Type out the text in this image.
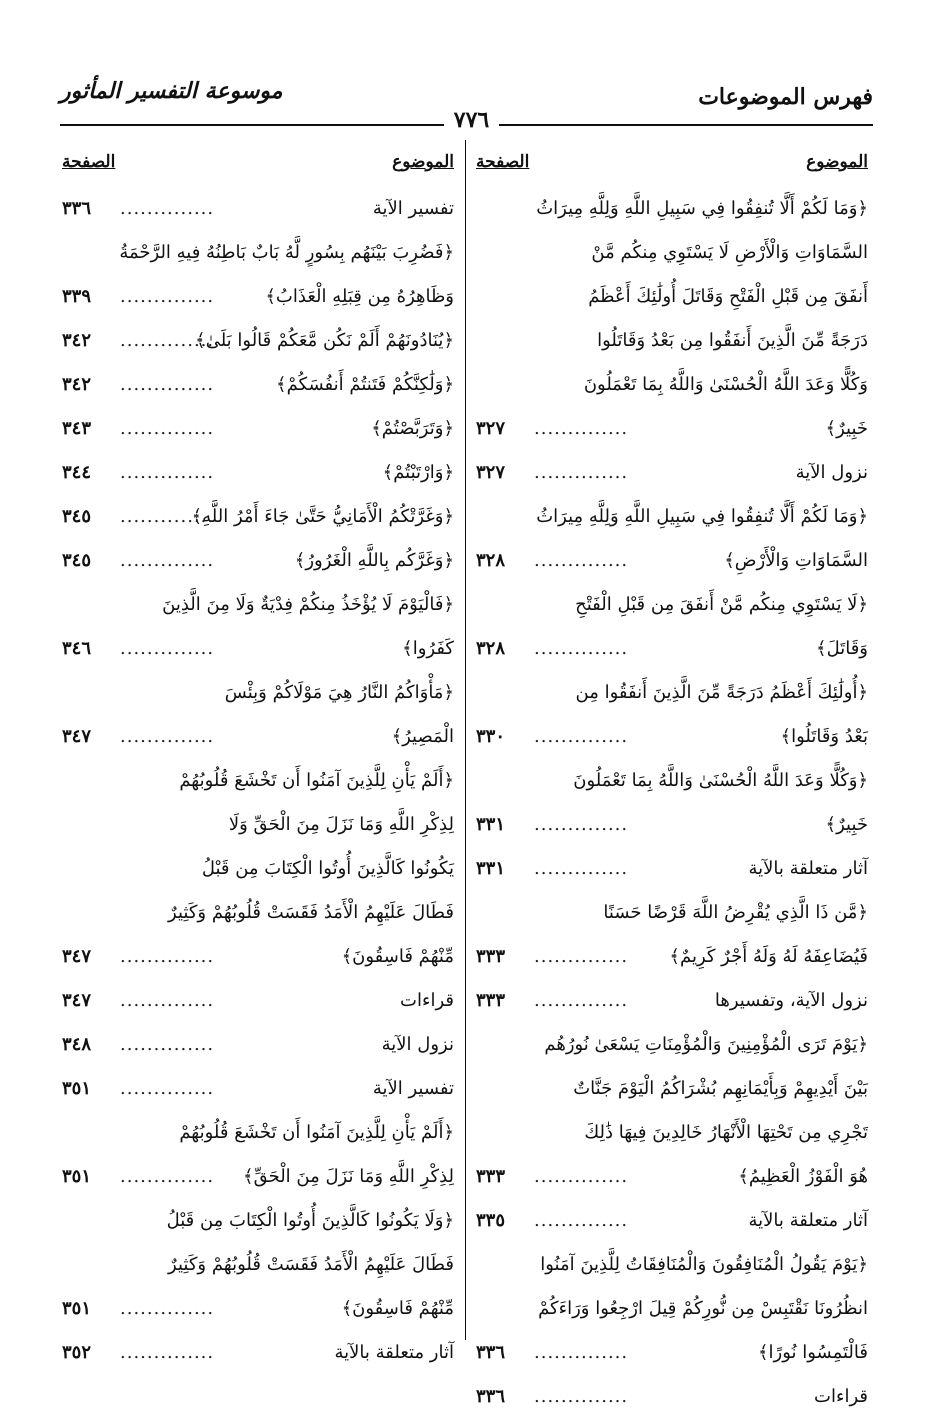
فهرس الموضوعات
موسوعة التفسير المأثور
٧٧٦
الموضوع
الصفحة
﴿وَمَا لَكُمْ أَلَّا تُنفِقُوا فِي سَبِيلِ اللَّهِ وَلِلَّهِ مِيرَاثُ
السَّمَاوَاتِ وَالْأَرْضِ لَا يَسْتَوِي مِنكُم مَّنْ
أَنفَقَ مِن قَبْلِ الْفَتْحِ وَقَاتَلَ أُولَٰئِكَ أَعْظَمُ
دَرَجَةً مِّنَ الَّذِينَ أَنفَقُوا مِن بَعْدُ وَقَاتَلُوا
وَكُلًّا وَعَدَ اللَّهُ الْحُسْنَىٰ وَاللَّهُ بِمَا تَعْمَلُونَ
خَبِيرٌ﴾
..............
٣٢٧
نزول الآية
..............
٣٢٧
﴿وَمَا لَكُمْ أَلَّا تُنفِقُوا فِي سَبِيلِ اللَّهِ وَلِلَّهِ مِيرَاثُ
السَّمَاوَاتِ وَالْأَرْضِ﴾
..............
٣٢٨
﴿لَا يَسْتَوِي مِنكُم مَّنْ أَنفَقَ مِن قَبْلِ الْفَتْحِ
وَقَاتَلَ﴾
..............
٣٢٨
﴿أُولَٰئِكَ أَعْظَمُ دَرَجَةً مِّنَ الَّذِينَ أَنفَقُوا مِن
بَعْدُ وَقَاتَلُوا﴾
..............
٣٣٠
﴿وَكُلًّا وَعَدَ اللَّهُ الْحُسْنَىٰ وَاللَّهُ بِمَا تَعْمَلُونَ
خَبِيرٌ﴾
..............
٣٣١
آثار متعلقة بالآية
..............
٣٣١
﴿مَّن ذَا الَّذِي يُقْرِضُ اللَّهَ قَرْضًا حَسَنًا
فَيُضَاعِفَهُ لَهُ وَلَهُ أَجْرٌ كَرِيمٌ﴾
..............
٣٣٣
نزول الآية، وتفسيرها
..............
٣٣٣
﴿يَوْمَ تَرَى الْمُؤْمِنِينَ وَالْمُؤْمِنَاتِ يَسْعَىٰ نُورُهُم
بَيْنَ أَيْدِيهِمْ وَبِأَيْمَانِهِم بُشْرَاكُمُ الْيَوْمَ جَنَّاتٌ
تَجْرِي مِن تَحْتِهَا الْأَنْهَارُ خَالِدِينَ فِيهَا ذَٰلِكَ
هُوَ الْفَوْزُ الْعَظِيمُ﴾
..............
٣٣٣
آثار متعلقة بالآية
..............
٣٣٥
﴿يَوْمَ يَقُولُ الْمُنَافِقُونَ وَالْمُنَافِقَاتُ لِلَّذِينَ آمَنُوا
انظُرُونَا نَقْتَبِسْ مِن نُّورِكُمْ قِيلَ ارْجِعُوا وَرَاءَكُمْ
فَالْتَمِسُوا نُورًا﴾
..............
٣٣٦
قراءات
..............
٣٣٦
الموضوع
الصفحة
تفسير الآية
..............
٣٣٦
﴿فَضُرِبَ بَيْنَهُم بِسُورٍ لَّهُ بَابٌ بَاطِنُهُ فِيهِ الرَّحْمَةُ
وَظَاهِرُهُ مِن قِبَلِهِ الْعَذَابُ﴾
..............
٣٣٩
﴿يُنَادُونَهُمْ أَلَمْ نَكُن مَّعَكُمْ قَالُوا بَلَىٰ﴾
..............
٣٤٢
﴿وَلَٰكِنَّكُمْ فَتَنتُمْ أَنفُسَكُمْ﴾
..............
٣٤٢
﴿وَتَرَبَّصْتُمْ﴾
..............
٣٤٣
﴿وَارْتَبْتُمْ﴾
..............
٣٤٤
﴿وَغَرَّتْكُمُ الْأَمَانِيُّ حَتَّىٰ جَاءَ أَمْرُ اللَّهِ﴾
..............
٣٤٥
﴿وَغَرَّكُم بِاللَّهِ الْغَرُورُ﴾
..............
٣٤٥
﴿فَالْيَوْمَ لَا يُؤْخَذُ مِنكُمْ فِدْيَةٌ وَلَا مِنَ الَّذِينَ
كَفَرُوا﴾
..............
٣٤٦
﴿مَأْوَاكُمُ النَّارُ هِيَ مَوْلَاكُمْ وَبِئْسَ
الْمَصِيرُ﴾
..............
٣٤٧
﴿أَلَمْ يَأْنِ لِلَّذِينَ آمَنُوا أَن تَخْشَعَ قُلُوبُهُمْ
لِذِكْرِ اللَّهِ وَمَا نَزَلَ مِنَ الْحَقِّ وَلَا
يَكُونُوا كَالَّذِينَ أُوتُوا الْكِتَابَ مِن قَبْلُ
فَطَالَ عَلَيْهِمُ الْأَمَدُ فَقَسَتْ قُلُوبُهُمْ وَكَثِيرٌ
مِّنْهُمْ فَاسِقُونَ﴾
..............
٣٤٧
قراءات
..............
٣٤٧
نزول الآية
..............
٣٤٨
تفسير الآية
..............
٣٥١
﴿أَلَمْ يَأْنِ لِلَّذِينَ آمَنُوا أَن تَخْشَعَ قُلُوبُهُمْ
لِذِكْرِ اللَّهِ وَمَا نَزَلَ مِنَ الْحَقِّ﴾
..............
٣٥١
﴿وَلَا يَكُونُوا كَالَّذِينَ أُوتُوا الْكِتَابَ مِن قَبْلُ
فَطَالَ عَلَيْهِمُ الْأَمَدُ فَقَسَتْ قُلُوبُهُمْ وَكَثِيرٌ
مِّنْهُمْ فَاسِقُونَ﴾
..............
٣٥١
آثار متعلقة بالآية
..............
٣٥٢
